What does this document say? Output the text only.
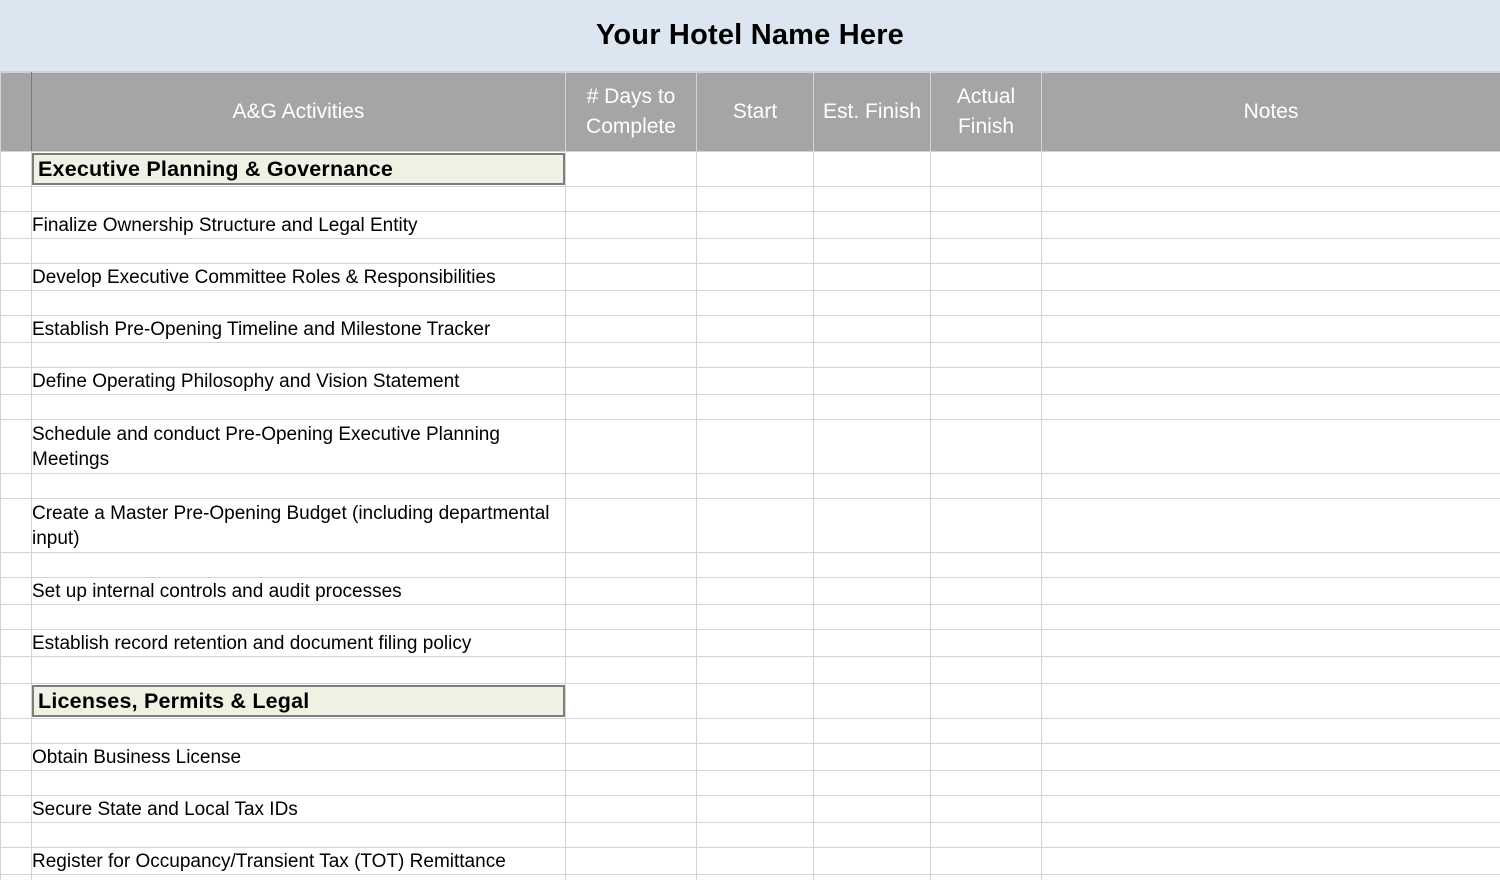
Your Hotel Name Here
	A&G Activities	# Days to Complete	Start	Est. Finish	Actual Finish	Notes

Executive Planning & Governance					

	Finalize Ownership Structure and Legal Entity					

	Develop Executive Committee Roles & Responsibilities					

	Establish Pre-Opening Timeline and Milestone Tracker					

	Define Operating Philosophy and Vision Statement					

	Schedule and conduct Pre-Opening Executive Planning Meetings					

	Create a Master Pre-Opening Budget (including departmental input)					

	Set up internal controls and audit processes					

	Establish record retention and document filing policy					

Licenses, Permits & Legal					

	Obtain Business License					

	Secure State and Local Tax IDs					

	Register for Occupancy/Transient Tax (TOT) Remittance					
